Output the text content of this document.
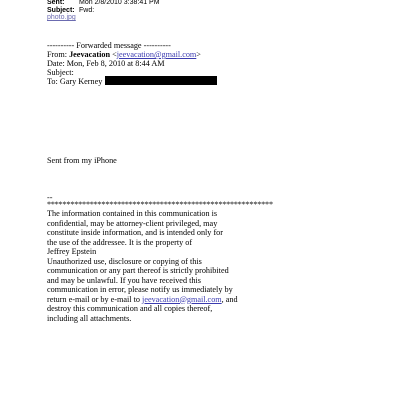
Sent: Mon 2/8/2010 3:38:41 PM
Subject: Fwd:
photo.jpg
---------- Forwarded message ----------
From: Jeevacation <jeevacation@gmail.com>
Date: Mon, Feb 8, 2010 at 8:44 AM
Subject:
To: Gary Kerney
Sent from my iPhone
--
**********************************************************
The information contained in this communication is
confidential, may be attorney-client privileged, may
constitute inside information, and is intended only for
the use of the addressee. It is the property of
Jeffrey Epstein
Unauthorized use, disclosure or copying of this
communication or any part thereof is strictly prohibited
and may be unlawful. If you have received this
communication in error, please notify us immediately by
return e-mail or by e-mail to jeevacation@gmail.com, and
destroy this communication and all copies thereof,
including all attachments.
